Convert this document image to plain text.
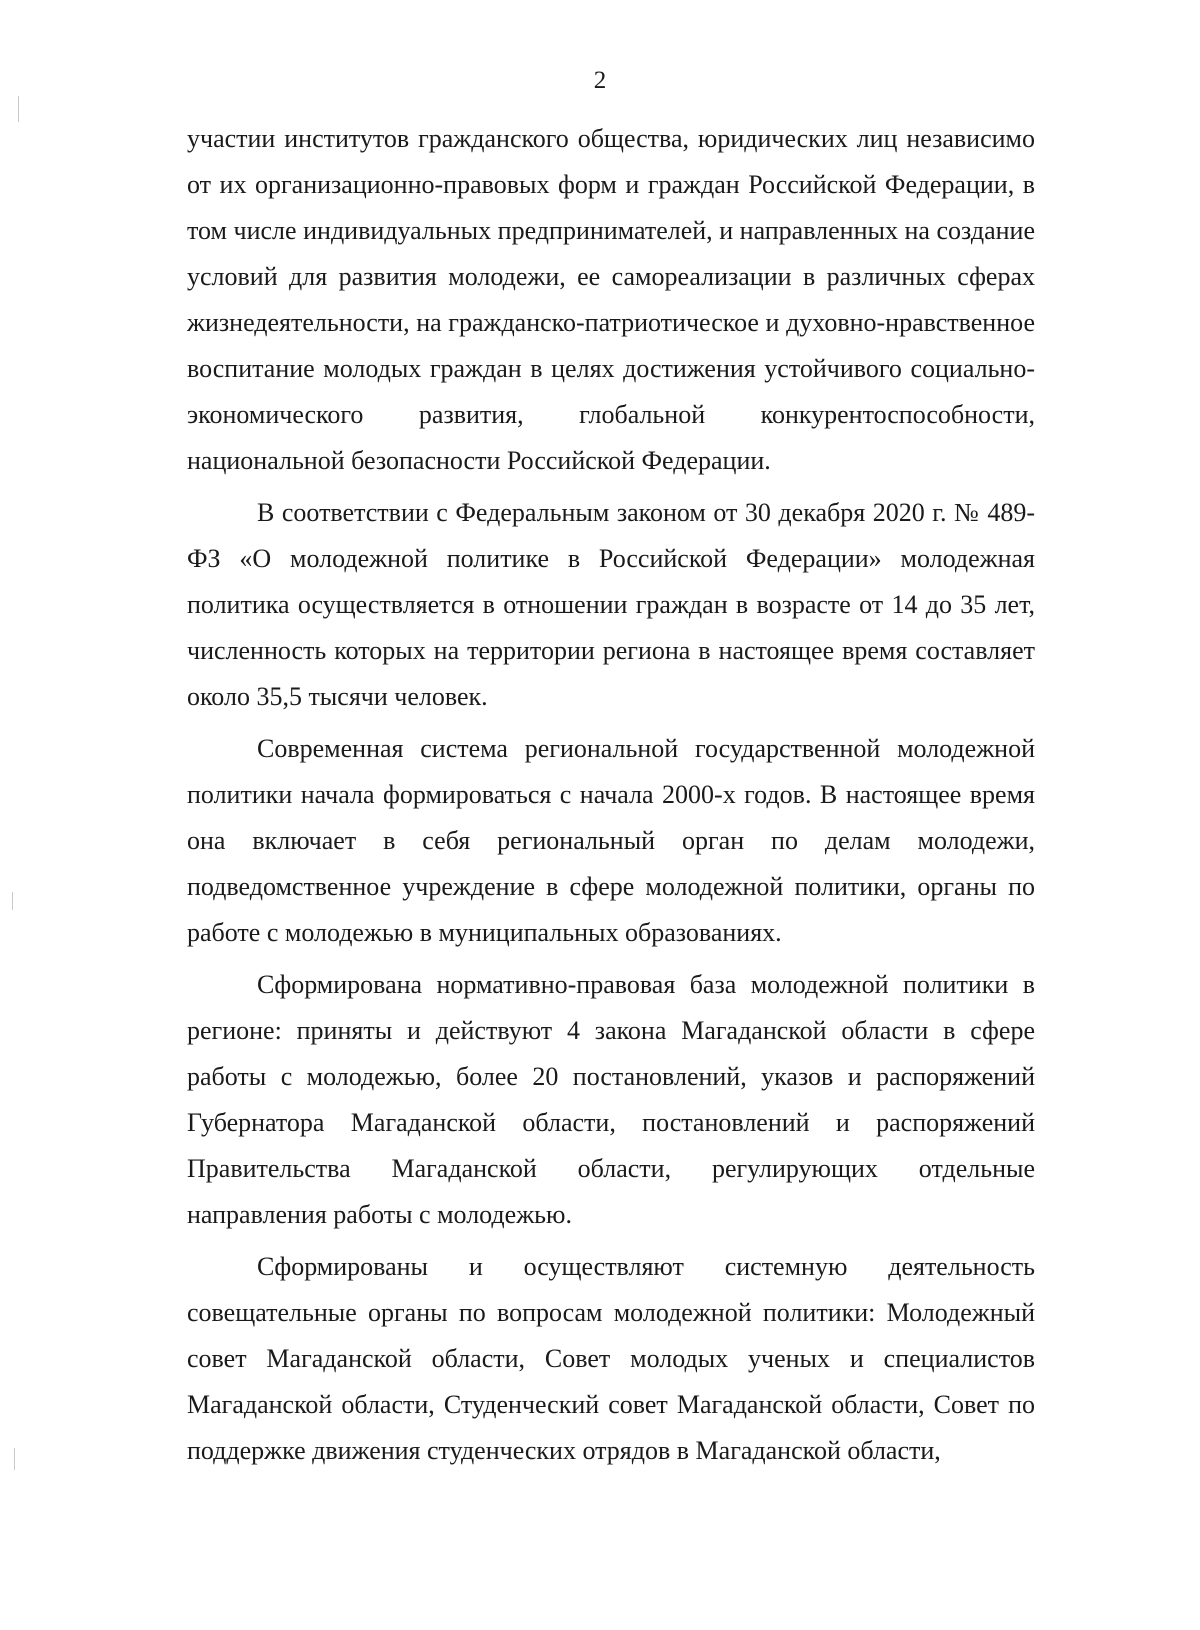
2

участии институтов гражданского общества, юридических лиц независимо от их организационно-правовых форм и граждан Российской Федерации, в том числе индивидуальных предпринимателей, и направленных на создание условий для развития молодежи, ее самореализации в различных сферах жизнедеятельности, на гражданско-патриотическое и духовно-нравственное воспитание молодых граждан в целях достижения устойчивого социально-экономического развития, глобальной конкурентоспособности, национальной безопасности Российской Федерации.

В соответствии с Федеральным законом от 30 декабря 2020 г. № 489-ФЗ «О молодежной политике в Российской Федерации» молодежная политика осуществляется в отношении граждан в возрасте от 14 до 35 лет, численность которых на территории региона в настоящее время составляет около 35,5 тысячи человек.

Современная система региональной государственной молодежной политики начала формироваться с начала 2000-х годов. В настоящее время она включает в себя региональный орган по делам молодежи, подведомственное учреждение в сфере молодежной политики, органы по работе с молодежью в муниципальных образованиях.

Сформирована нормативно-правовая база молодежной политики в регионе: приняты и действуют 4 закона Магаданской области в сфере работы с молодежью, более 20 постановлений, указов и распоряжений Губернатора Магаданской области, постановлений и распоряжений Правительства Магаданской области, регулирующих отдельные направления работы с молодежью.

Сформированы и осуществляют системную деятельность совещательные органы по вопросам молодежной политики: Молодежный совет Магаданской области, Совет молодых ученых и специалистов Магаданской области, Студенческий совет Магаданской области, Совет по поддержке движения студенческих отрядов в Магаданской области,
